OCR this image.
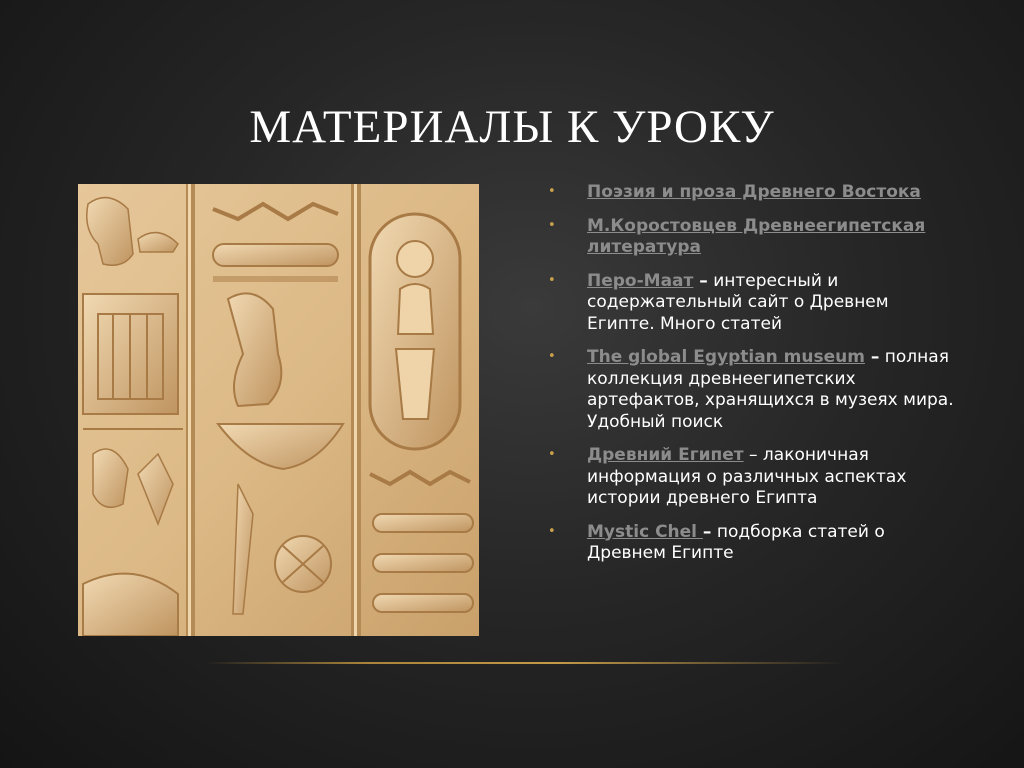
МАТЕРИАЛЫ К УРОКУ
• Поэзия и проза Древнего Востока
• М.Коростовцев Древнеегипетская литература
• Перо-Маат – интересный и содержательный сайт о Древнем Египте. Много статей
• The global Egyptian museum – полная коллекция древнеегипетских артефактов, хранящихся в музеях мира. Удобный поиск
• Древний Египет – лаконичная информация о различных аспектах истории древнего Египта
• Mystic Chel – подборка статей о Древнем Египте
